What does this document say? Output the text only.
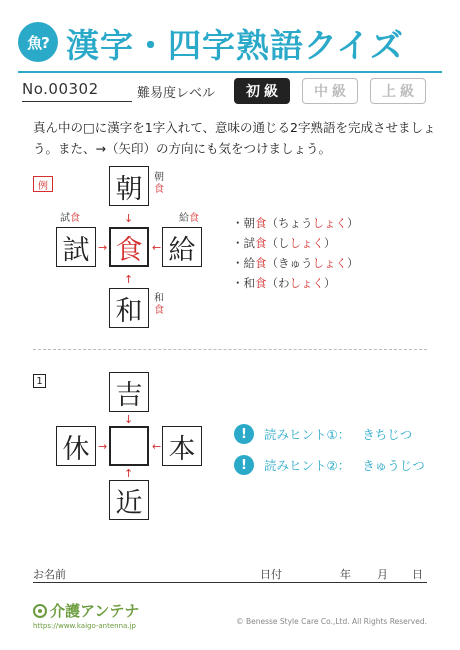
魚? 漢字・四字熟語クイズ
No.00302	難易度レベル	初級	中級	上級
真ん中の□に漢字を1字入れて、意味の通じる2字熟語を完成させましょう。また、→（矢印）の方向にも気をつけましょう。
例	朝
試 食 給
和
↓
→	←
↑
朝
食
試食	給食
和
食
・朝食（ちょうしょく）
・試食（ししょく）
・給食（きゅうしょく）
・和食（わしょく）
1	吉
休	本
近
↓
→	←
↑
!	読みヒント①： きちじつ
!	読みヒント②： きゅうじつ
お名前	日付	年 月 日
介護アンテナ
https://www.kaigo-antenna.jp	© Benesse Style Care Co.,Ltd. All Rights Reserved.
